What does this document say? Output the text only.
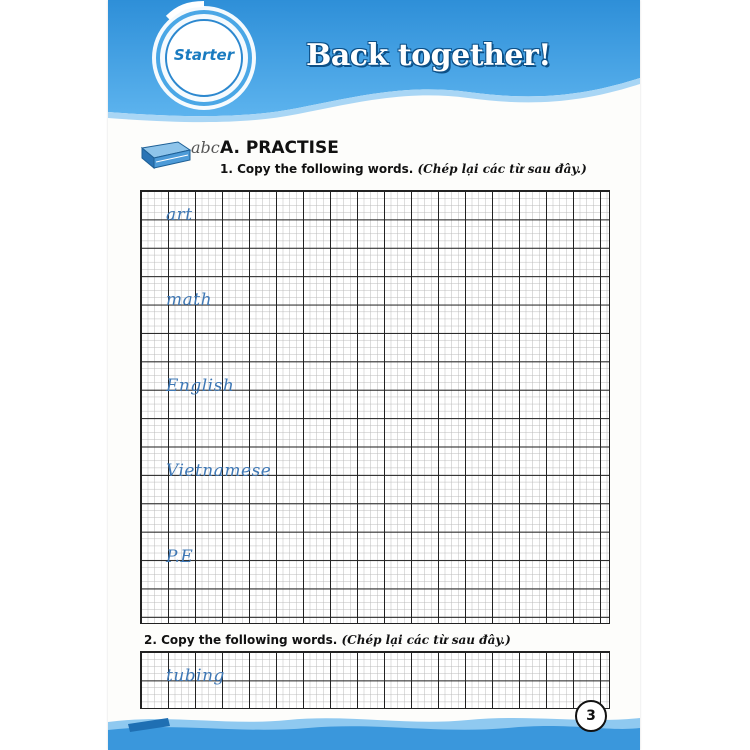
Starter	Back together!
abc A. PRACTISE
1. Copy the following words. (Chép lại các từ sau đây.)
art
math
English
Vietnamese
P.E
2. Copy the following words. (Chép lại các từ sau đây.)
tubing
3
